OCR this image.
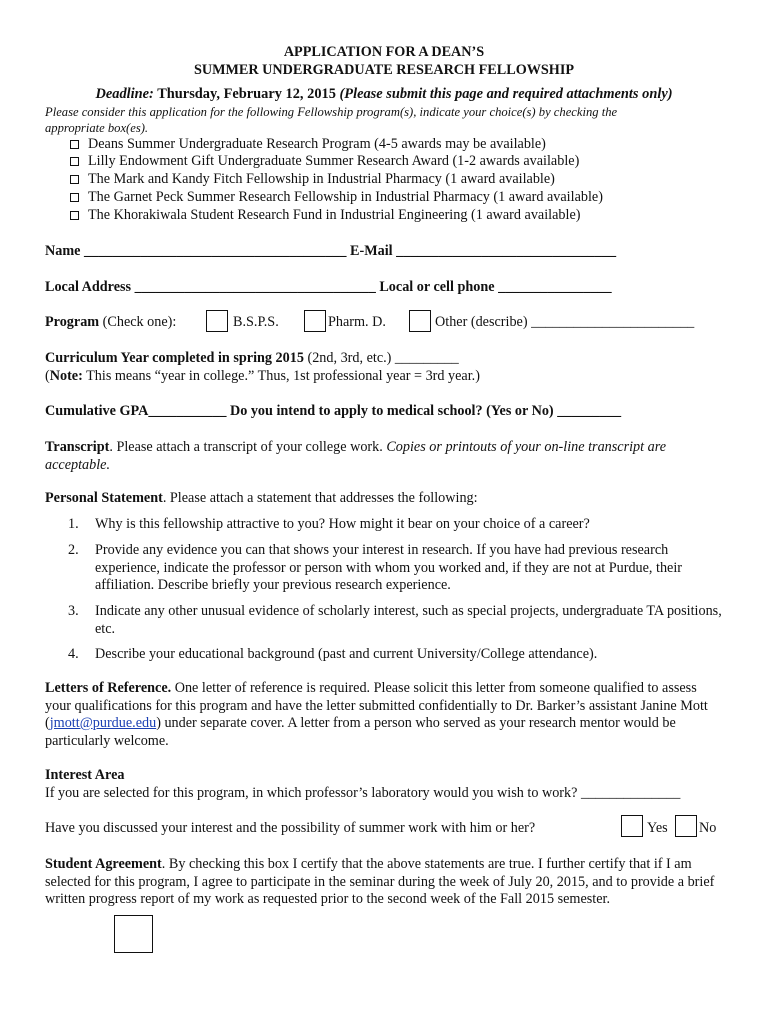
APPLICATION FOR A DEAN’S
SUMMER UNDERGRADUATE RESEARCH FELLOWSHIP
Deadline: Thursday, February 12, 2015 (Please submit this page and required attachments only)
Please consider this application for the following Fellowship program(s), indicate your choice(s) by checking the
appropriate box(es).
Deans Summer Undergraduate Research Program (4-5 awards may be available)
Lilly Endowment Gift Undergraduate Summer Research Award (1-2 awards available)
The Mark and Kandy Fitch Fellowship in Industrial Pharmacy (1 award available)
The Garnet Peck Summer Research Fellowship in Industrial Pharmacy (1 award available)
The Khorakiwala Student Research Fund in Industrial Engineering (1 award available)
Name _____________________________________ E-Mail _______________________________
Local Address __________________________________ Local or cell phone ________________
Program (Check one):	B.S.P.S.	Pharm. D.	Other (describe) _______________________
Curriculum Year completed in spring 2015 (2nd, 3rd, etc.) _________
(Note: This means “year in college.” Thus, 1st professional year = 3rd year.)
Cumulative GPA___________ Do you intend to apply to medical school? (Yes or No) _________
Transcript. Please attach a transcript of your college work. Copies or printouts of your on-line transcript are acceptable.
Personal Statement. Please attach a statement that addresses the following:
1. Why is this fellowship attractive to you? How might it bear on your choice of a career?
2. Provide any evidence you can that shows your interest in research. If you have had previous research experience, indicate the professor or person with whom you worked and, if they are not at Purdue, their affiliation. Describe briefly your previous research experience.
3. Indicate any other unusual evidence of scholarly interest, such as special projects, undergraduate TA positions, etc.
4. Describe your educational background (past and current University/College attendance).
Letters of Reference. One letter of reference is required. Please solicit this letter from someone qualified to assess your qualifications for this program and have the letter submitted confidentially to Dr. Barker’s assistant Janine Mott (jmott@purdue.edu) under separate cover. A letter from a person who served as your research mentor would be particularly welcome.
Interest Area
If you are selected for this program, in which professor’s laboratory would you wish to work? ______________
Have you discussed your interest and the possibility of summer work with him or her?	Yes No
Student Agreement. By checking this box I certify that the above statements are true. I further certify that if I am selected for this program, I agree to participate in the seminar during the week of July 20, 2015, and to provide a brief written progress report of my work as requested prior to the second week of the Fall 2015 semester.
